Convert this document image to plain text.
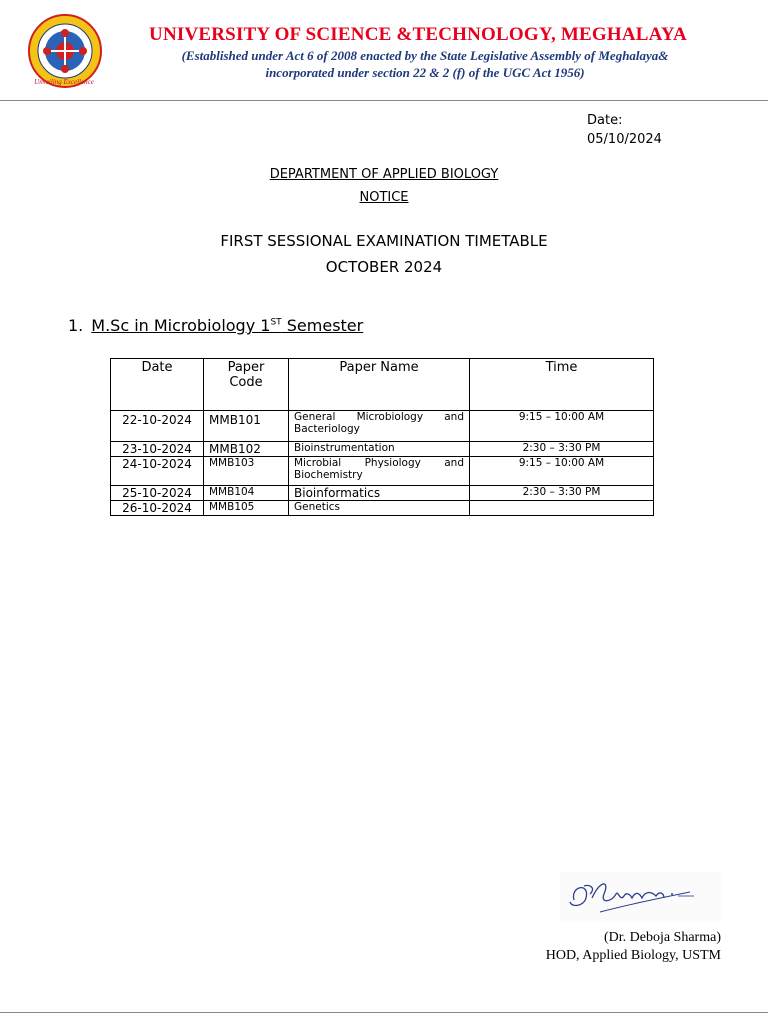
Unveiling Excellence
UNIVERSITY OF SCIENCE &TECHNOLOGY, MEGHALAYA
(Established under Act 6 of 2008 enacted by the State Legislative Assembly of Meghalaya&
incorporated under section 22 & 2 (f) of the UGC Act 1956)
Date:
05/10/2024
DEPARTMENT OF APPLIED BIOLOGY
NOTICE
FIRST SESSIONAL EXAMINATION TIMETABLE
OCTOBER 2024
1. M.Sc in Microbiology 1ST Semester
Date	Paper Code	Paper Name	Time
22-10-2024	MMB101	General Microbiology and Bacteriology	9:15 – 10:00 AM
23-10-2024	MMB102	Bioinstrumentation	2:30 – 3:30 PM
24-10-2024	MMB103	Microbial Physiology and Biochemistry	9:15 – 10:00 AM
25-10-2024	MMB104	Bioinformatics	2:30 – 3:30 PM
26-10-2024	MMB105	Genetics	
(Dr. Deboja Sharma)
HOD, Applied Biology, USTM
